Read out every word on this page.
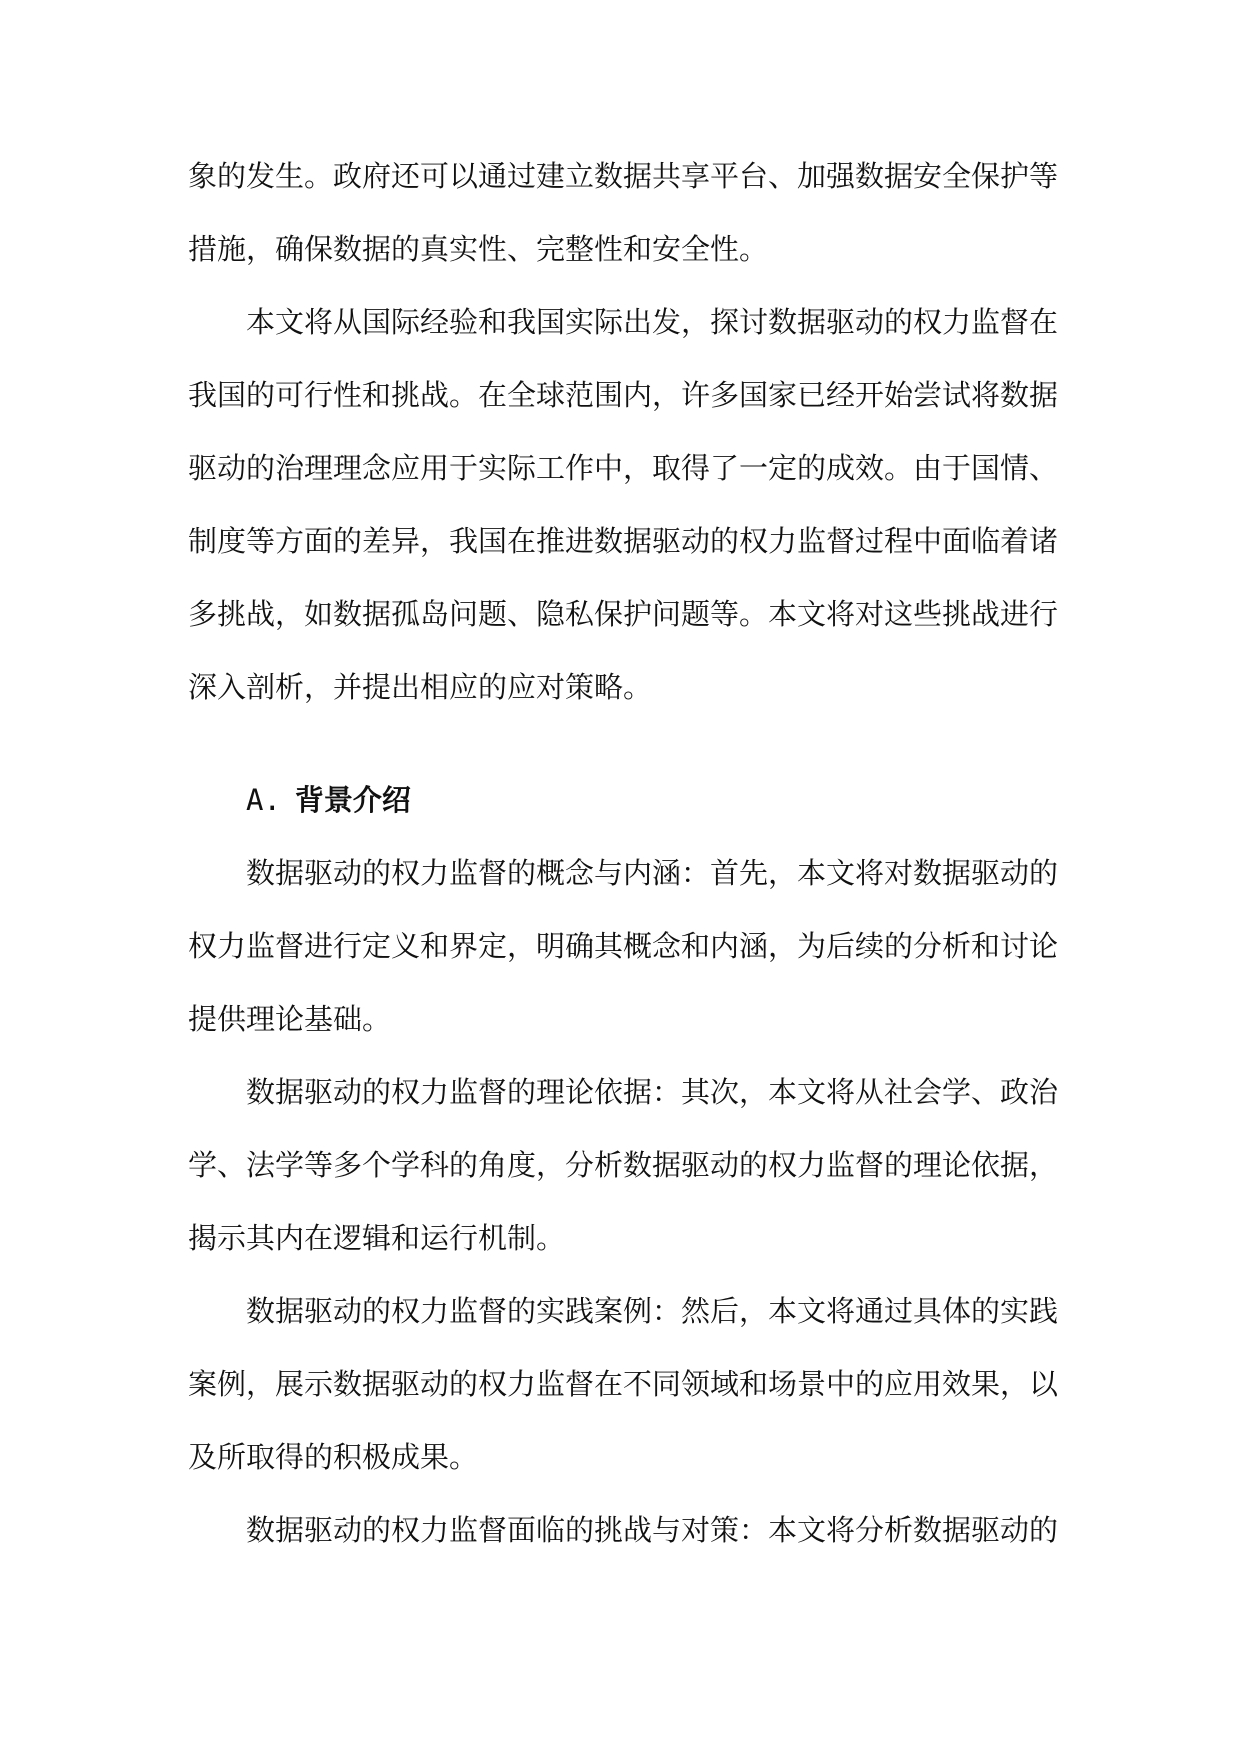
象的发生。政府还可以通过建立数据共享平台、加强数据安全保护等
措施，确保数据的真实性、完整性和安全性。
本文将从国际经验和我国实际出发，探讨数据驱动的权力监督在
我国的可行性和挑战。在全球范围内，许多国家已经开始尝试将数据
驱动的治理理念应用于实际工作中，取得了一定的成效。由于国情、
制度等方面的差异，我国在推进数据驱动的权力监督过程中面临着诸
多挑战，如数据孤岛问题、隐私保护问题等。本文将对这些挑战进行
深入剖析，并提出相应的应对策略。
A. 背景介绍
数据驱动的权力监督的概念与内涵：首先，本文将对数据驱动的
权力监督进行定义和界定，明确其概念和内涵，为后续的分析和讨论
提供理论基础。
数据驱动的权力监督的理论依据：其次，本文将从社会学、政治
学、法学等多个学科的角度，分析数据驱动的权力监督的理论依据，
揭示其内在逻辑和运行机制。
数据驱动的权力监督的实践案例：然后，本文将通过具体的实践
案例，展示数据驱动的权力监督在不同领域和场景中的应用效果，以
及所取得的积极成果。
数据驱动的权力监督面临的挑战与对策：本文将分析数据驱动的
